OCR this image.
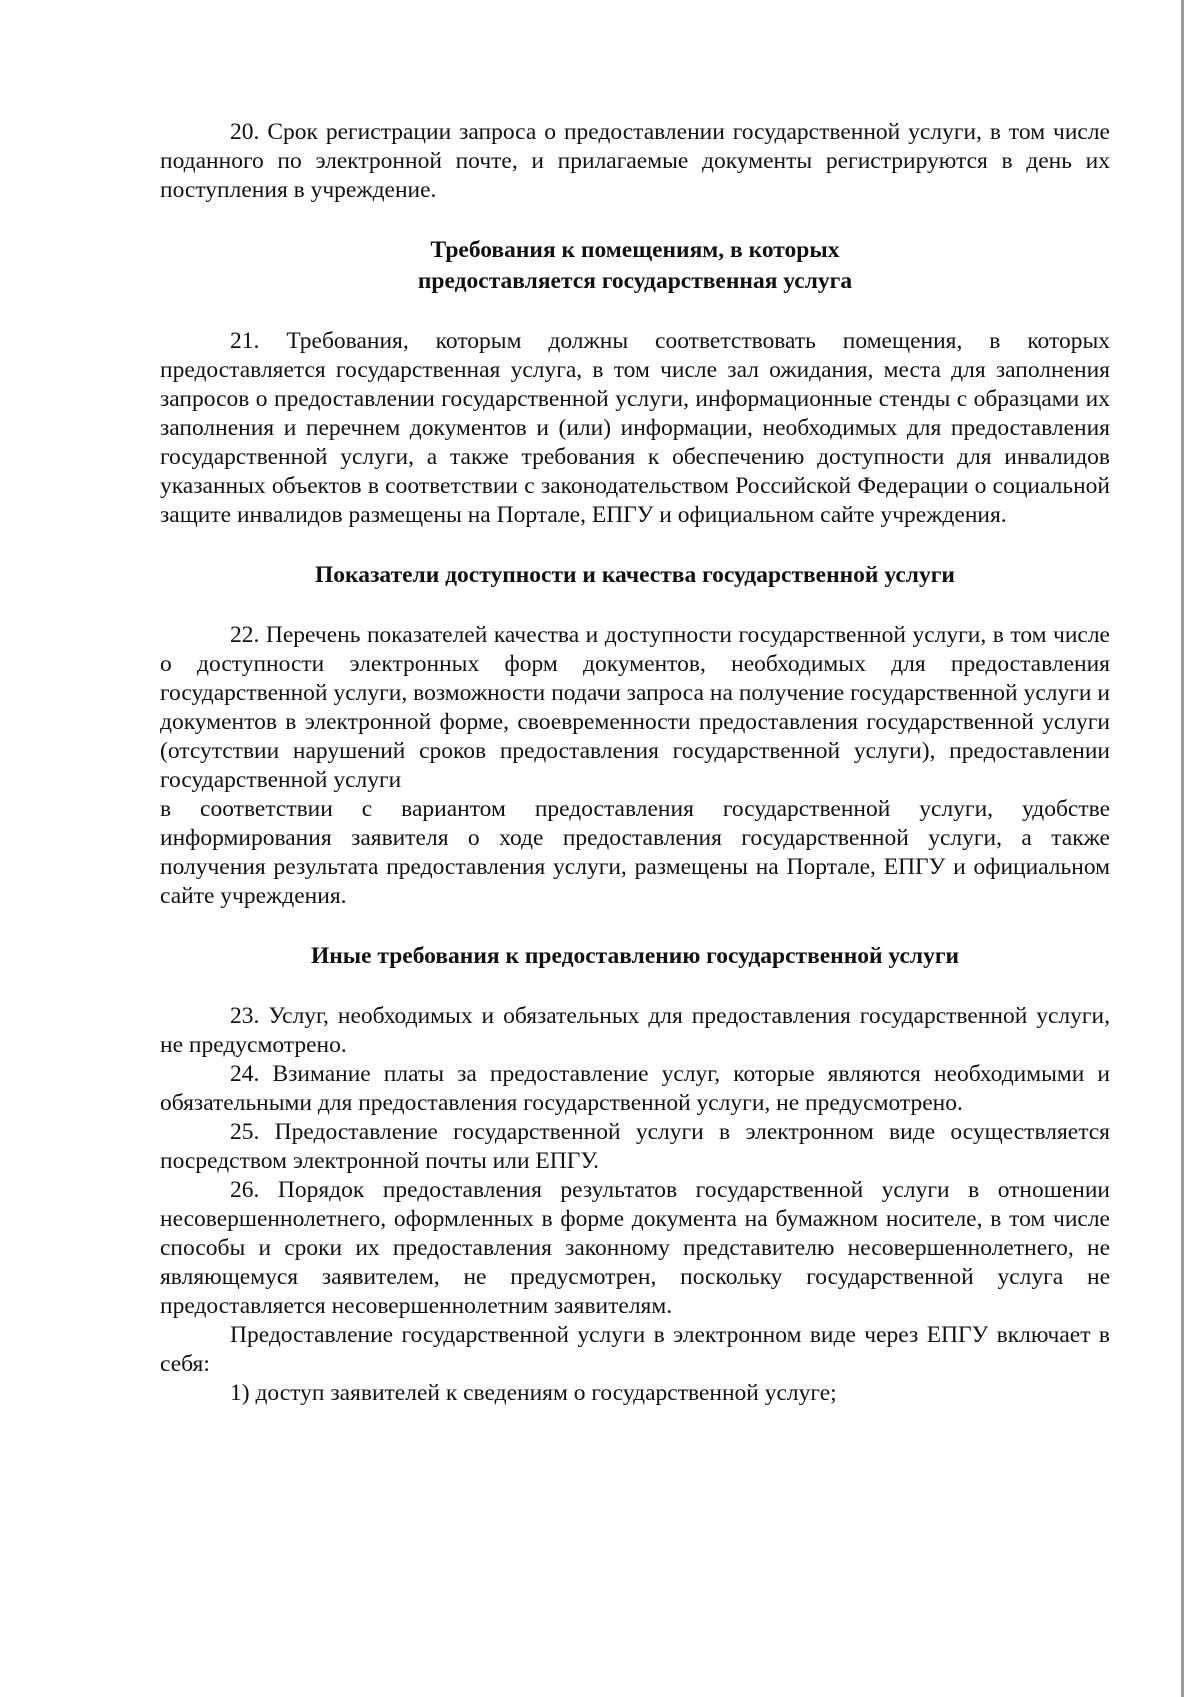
20. Срок регистрации запроса о предоставлении государственной услуги, в том числе поданного по электронной почте, и прилагаемые документы регистрируются в день их поступления в учреждение.

Требования к помещениям, в которых
предоставляется государственная услуга

21. Требования, которым должны соответствовать помещения, в которых предоставляется государственная услуга, в том числе зал ожидания, места для заполнения запросов о предоставлении государственной услуги, информационные стенды с образцами их заполнения и перечнем документов и (или) информации, необходимых для предоставления государственной услуги, а также требования к обеспечению доступности для инвалидов указанных объектов в соответствии с законодательством Российской Федерации о социальной защите инвалидов размещены на Портале, ЕПГУ и официальном сайте учреждения.

Показатели доступности и качества государственной услуги

22. Перечень показателей качества и доступности государственной услуги, в том числе о доступности электронных форм документов, необходимых для предоставления государственной услуги, возможности подачи запроса на получение государственной услуги и документов в электронной форме, своевременности предоставления государственной услуги (отсутствии нарушений сроков предоставления государственной услуги), предоставлении государственной услуги

в соответствии с вариантом предоставления государственной услуги, удобстве информирования заявителя о ходе предоставления государственной услуги, а также получения результата предоставления услуги, размещены на Портале, ЕПГУ и официальном сайте учреждения.

Иные требования к предоставлению государственной услуги

23. Услуг, необходимых и обязательных для предоставления государственной услуги, не предусмотрено.

24. Взимание платы за предоставление услуг, которые являются необходимыми и обязательными для предоставления государственной услуги, не предусмотрено.

25. Предоставление государственной услуги в электронном виде осуществляется посредством электронной почты или ЕПГУ.

26. Порядок предоставления результатов государственной услуги в отношении несовершеннолетнего, оформленных в форме документа на бумажном носителе, в том числе способы и сроки их предоставления законному представителю несовершеннолетнего, не являющемуся заявителем, не предусмотрен, поскольку государственной услуга не предоставляется несовершеннолетним заявителям.

Предоставление государственной услуги в электронном виде через ЕПГУ включает в себя:

1) доступ заявителей к сведениям о государственной услуге;
